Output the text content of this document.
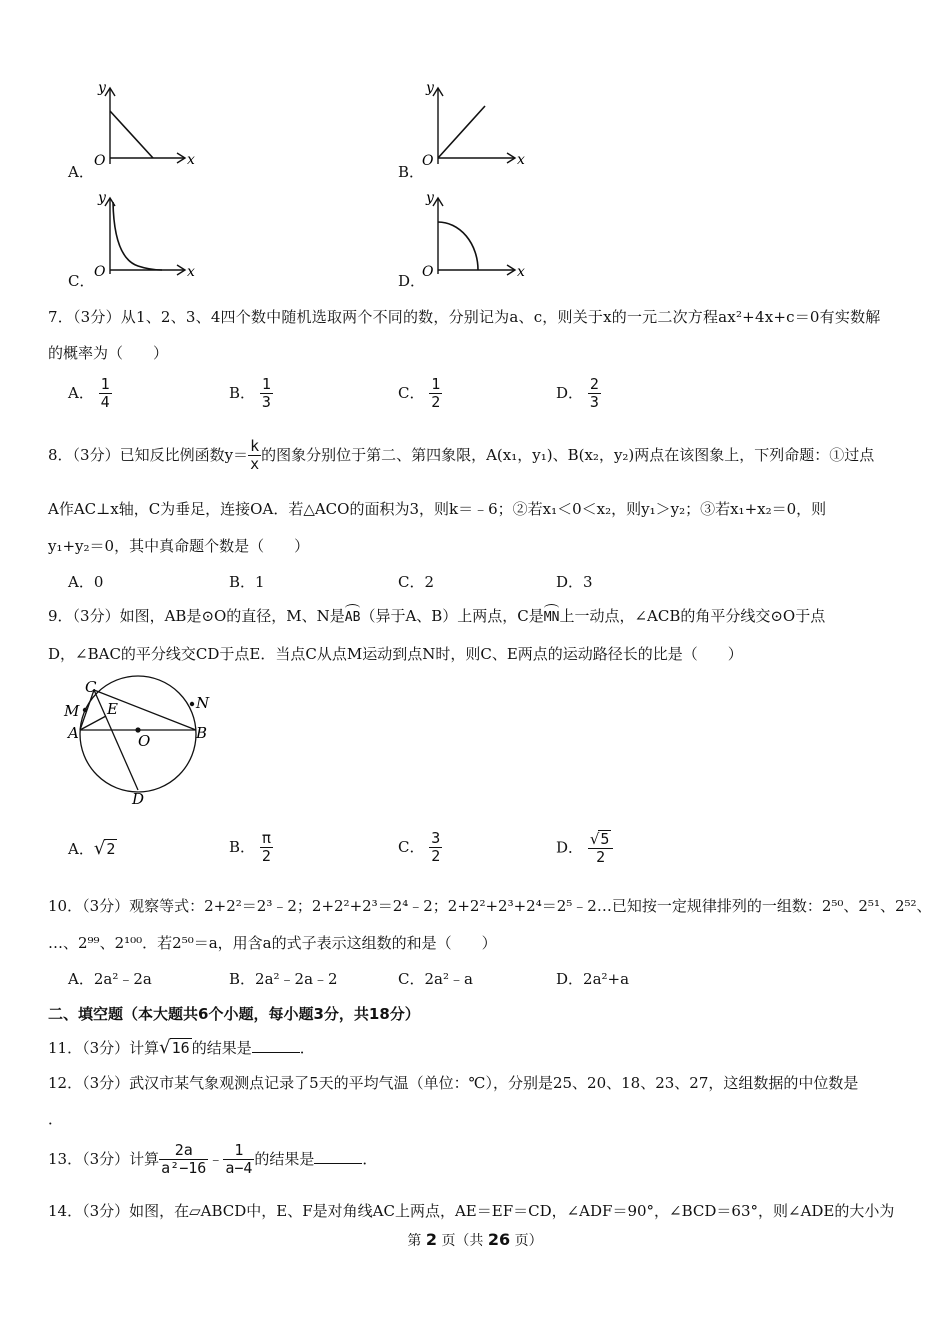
y
O	x
A．
y
O	x
B．
y
O	x
C．
y
O	x
D．
7．（3分）从1、2、3、4四个数中随机选取两个不同的数，分别记为a、c，则关于x的一元二次方程ax²+4x+c＝0有实数解
的概率为（　　）
A． $\frac{1}{4}$	B． $\frac{1}{3}$	C． $\frac{1}{2}$	D． $\frac{2}{3}$
8．（3分）已知反比例函数$y= \frac{k}{x}$ 的图象分别位于第二、第四象限，A(x₁，y₁)、B(x₂，y₂)两点在该图象上，下列命题：①过点
A作AC⊥x轴，C为垂足，连接OA．若△ACO的面积为3，则k＝﹣6；②若x₁＜0＜x₂，则y₁＞y₂；③若x₁+x₂＝0，则
y₁+y₂＝0，其中真命题个数是（　　）
A．0	B．1	C．2	D．3
9．（3分）如图，AB是⊙O的直径，M、N是AB（异于A、B）上两点，C是MN上一动点，∠ACB的角平分线交⊙O于点
D，∠BAC的平分线交CD于点E．当点C从点M运动到点N时，则C、E两点的运动路径长的比是（　　）
C
E
M	N
A	O	B
D
A．√2	B． $\frac{\pi}{2}$	C． $\frac{3}{2}$	D． $\frac{√5}{2}$
10．（3分）观察等式：2+2²＝2³﹣2；2+2²+2³＝2⁴﹣2；2+2²+2³+2⁴＝2⁵﹣2…已知按一定规律排列的一组数：2⁵⁰、2⁵¹、2⁵²、
…、2⁹⁹、2¹⁰⁰．若2⁵⁰＝a，用含a的式子表示这组数的和是（　　）
A．2a²﹣2a	B．2a²﹣2a﹣2	C．2a²﹣a	D．2a²+a
二、填空题（本大题共6个小题，每小题3分，共18分）
11．（3分）计算√16 的结果是	．
12．（3分）武汉市某气象观测点记录了5天的平均气温（单位：℃），分别是25、20、18、23、27，这组数据的中位数是
．
13．（3分）计算 $\frac{2a}{\text{a²−16}}$ ﹣ $\frac{1}{a-4}$ 的结果是	．
14．（3分）如图，在▱ABCD中，E、F是对角线AC上两点，AE＝EF＝CD，∠ADF＝90°，∠BCD＝63°，则∠ADE的大小为
第 2 页（共 26 页）
